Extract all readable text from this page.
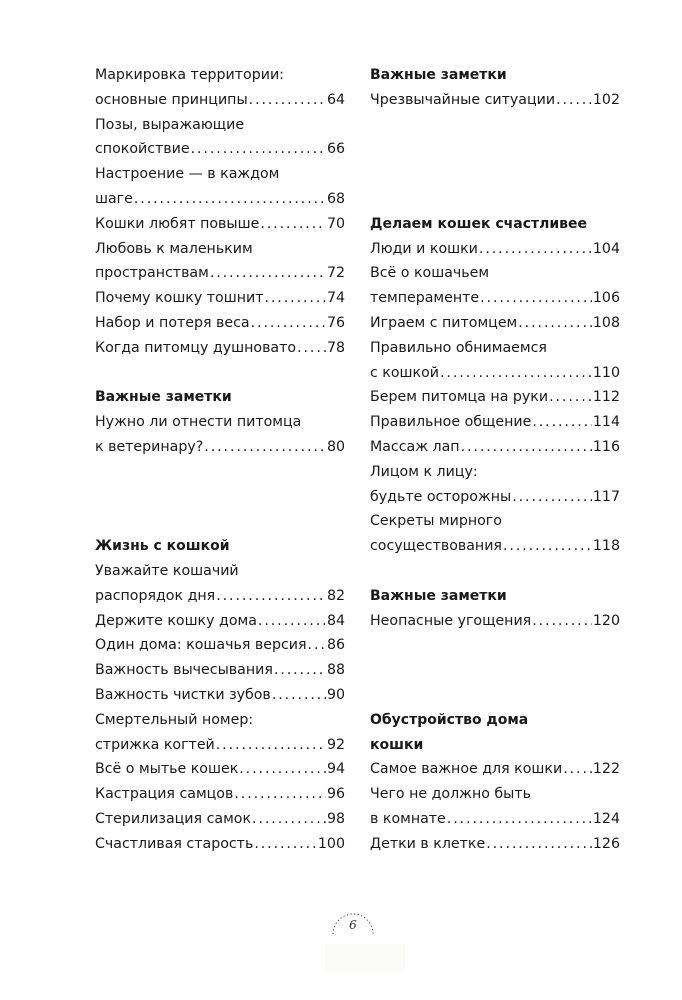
Маркировка территории:
основные принципы . . .	64
Позы, выражающие
спокойствие . . .	66
Настроение — в каждом
шаге . . .	68
Кошки любят повыше . . .	70
Любовь к маленьким
пространствам . . .	72
Почему кошку тошнит . . .	74
Набор и потеря веса . . .	76
Когда питомцу душновато . . . 78
Важные заметки
Нужно ли отнести питомца
к ветеринару? . . .	80
Жизнь с кошкой
Уважайте кошачий
распорядок дня . . .	82
Держите кошку дома . . .	84
Один дома: кошачья версия . . . 86
Важность вычесывания . . .	88
Важность чистки зубов . . .	90
Смертельный номер:
стрижка когтей . . .	92
Всё о мытье кошек . . .	94
Кастрация самцов . . .	96
Стерилизация самок . . .	98
Счастливая старость . . .	100
Важные заметки
Чрезвычайные ситуации . . .	102
Делаем кошек счастливее
Люди и кошки . . .	104
Всё о кошачьем
темпераменте . . .	106
Играем с питомцем . . .	108
Правильно обнимаемся
с кошкой . . .	110
Берем питомца на руки . . .	112
Правильное общение . . .	114
Массаж лап . . .	116
Лицом к лицу:
будьте осторожны . . .	117
Секреты мирного
сосуществования . . .	118
Важные заметки
Неопасные угощения . . .	120
Обустройство дома
кошки
Самое важное для кошки . . . 122
Чего не должно быть
в комнате . . .	124
Детки в клетке . . .	126
6
